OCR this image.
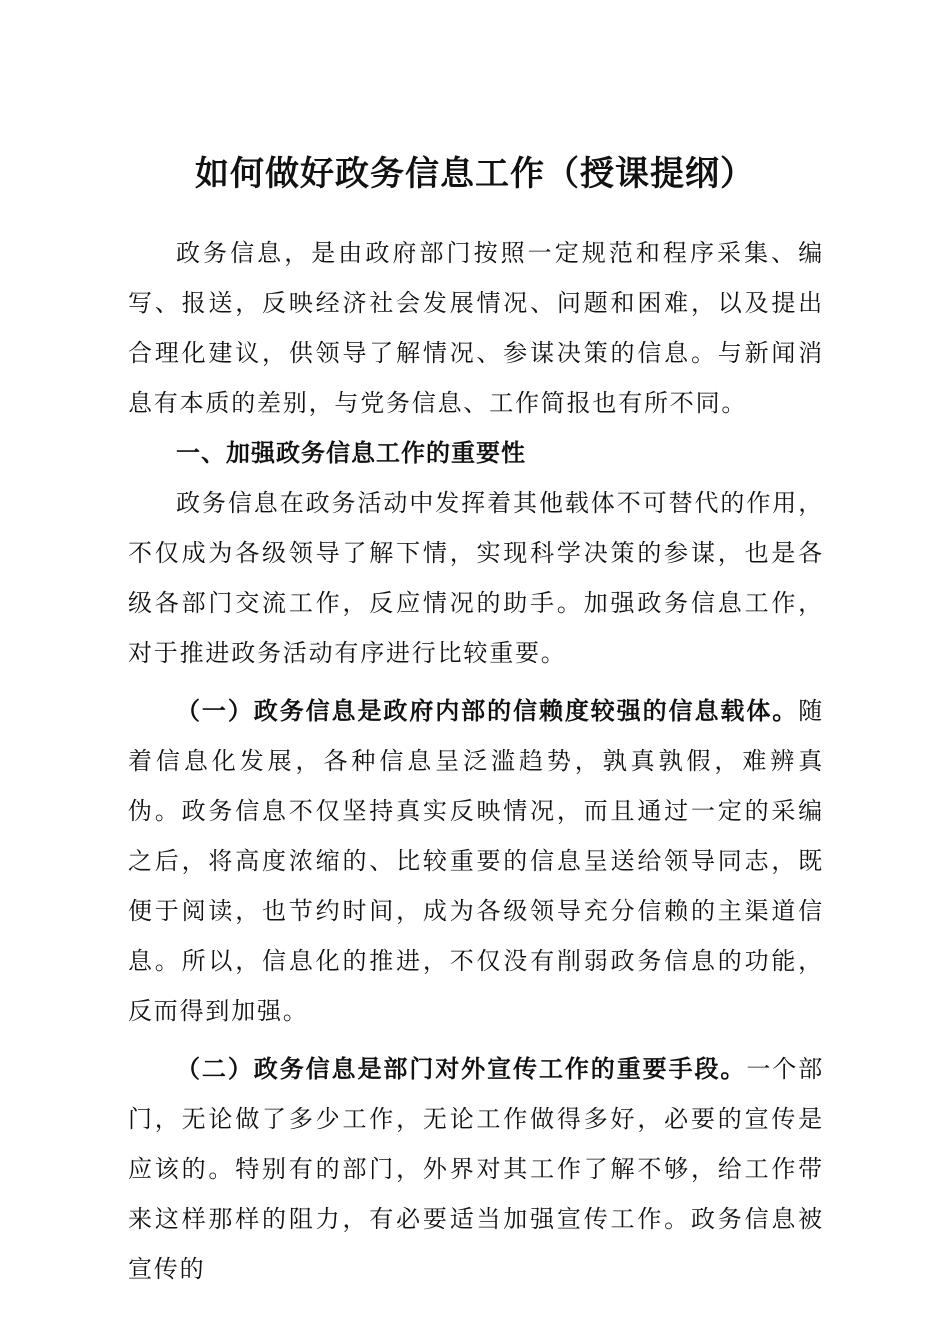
如何做好政务信息工作（授课提纲）

政务信息，是由政府部门按照一定规范和程序采集、编写、报送，反映经济社会发展情况、问题和困难，以及提出合理化建议，供领导了解情况、参谋决策的信息。与新闻消息有本质的差别，与党务信息、工作简报也有所不同。

一、加强政务信息工作的重要性

政务信息在政务活动中发挥着其他载体不可替代的作用，不仅成为各级领导了解下情，实现科学决策的参谋，也是各级各部门交流工作，反应情况的助手。加强政务信息工作，对于推进政务活动有序进行比较重要。

（一）政务信息是政府内部的信赖度较强的信息载体。随着信息化发展，各种信息呈泛滥趋势，孰真孰假，难辨真伪。政务信息不仅坚持真实反映情况，而且通过一定的采编之后，将高度浓缩的、比较重要的信息呈送给领导同志，既便于阅读，也节约时间，成为各级领导充分信赖的主渠道信息。所以，信息化的推进，不仅没有削弱政务信息的功能，反而得到加强。

（二）政务信息是部门对外宣传工作的重要手段。一个部门，无论做了多少工作，无论工作做得多好，必要的宣传是应该的。特别有的部门，外界对其工作了解不够，给工作带来这样那样的阻力，有必要适当加强宣传工作。政务信息被宣传的
